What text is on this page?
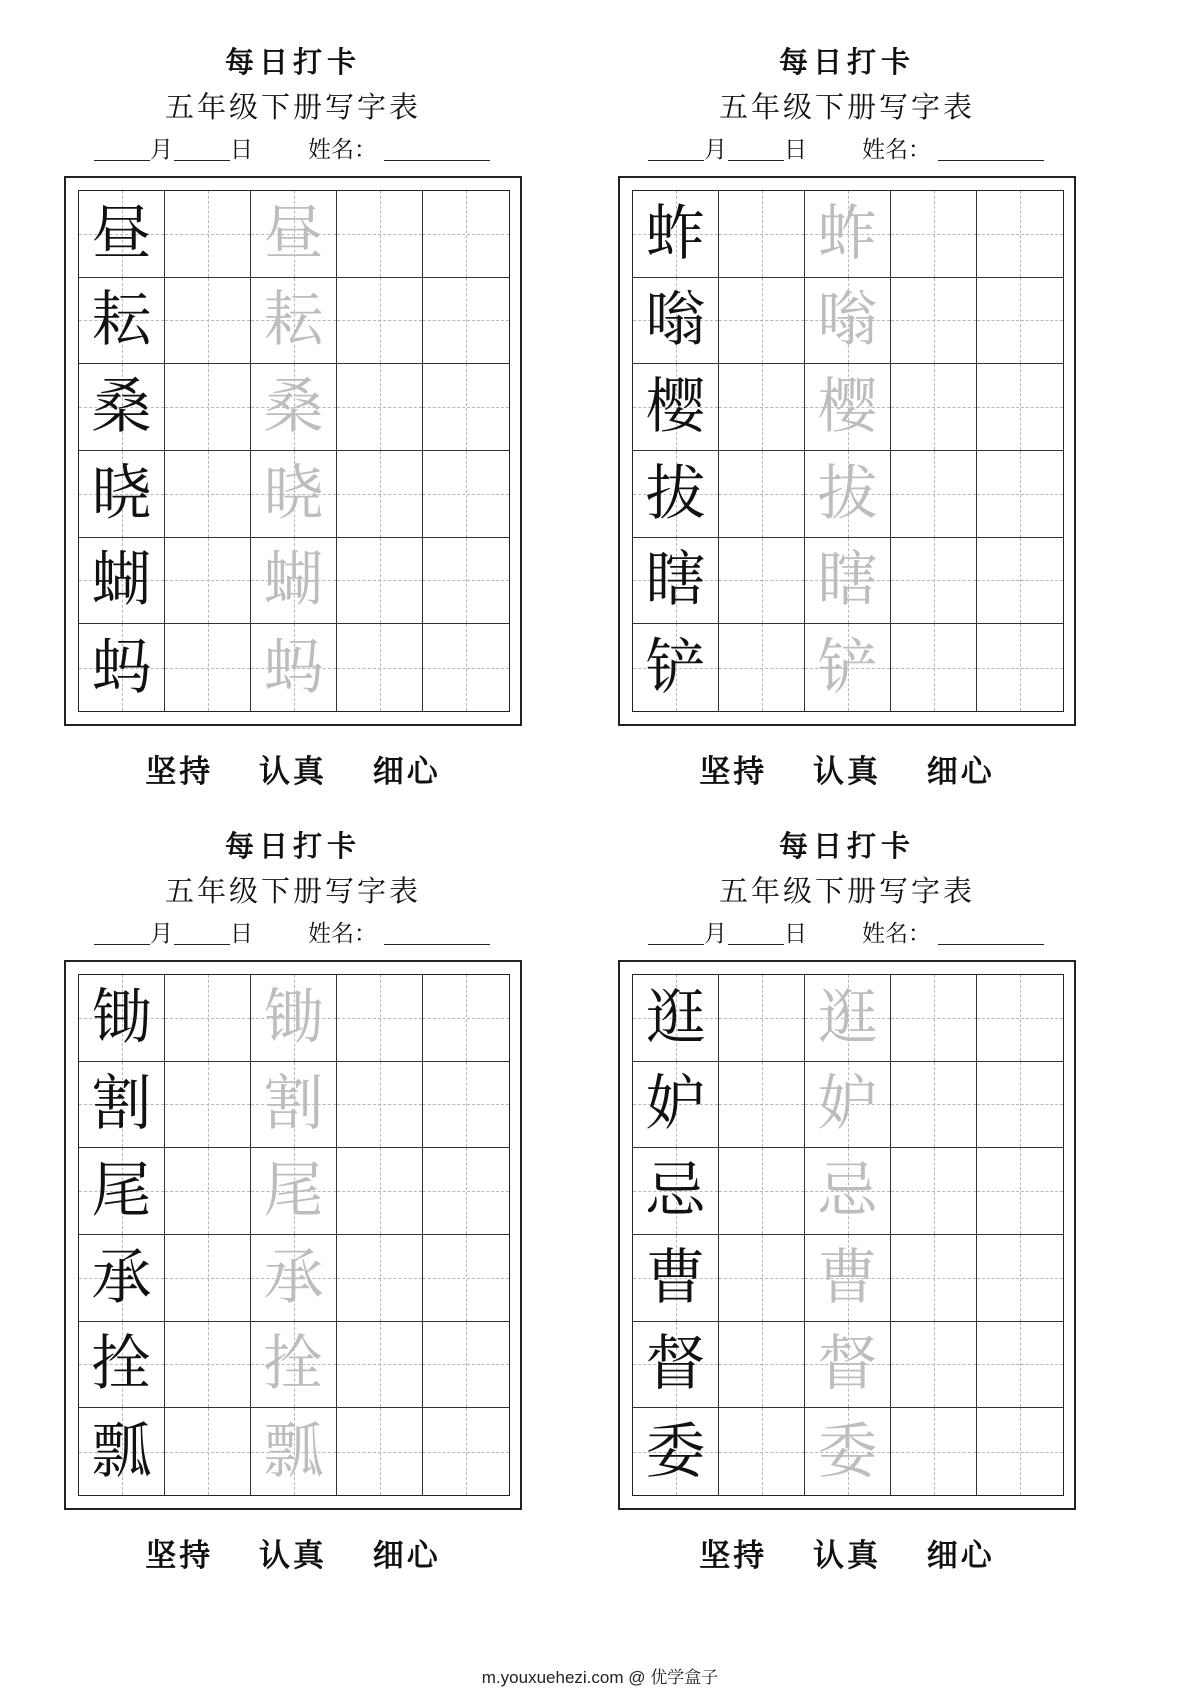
每日打卡
五年级下册写字表
月 日 姓名：
昼 昼
耘 耘
桑 桑
晓 晓
蝴 蝴
蚂 蚂
坚持 认真 细心
每日打卡
五年级下册写字表
月 日 姓名：
蚱 蚱
嗡 嗡
樱 樱
拔 拔
瞎 瞎
铲 铲
坚持 认真 细心
每日打卡
五年级下册写字表
月 日 姓名：
锄 锄
割 割
尾 尾
承 承
拴 拴
瓢 瓢
坚持 认真 细心
每日打卡
五年级下册写字表
月 日 姓名：
逛 逛
妒 妒
忌 忌
曹 曹
督 督
委 委
坚持 认真 细心
m.youxuehezi.com @ 优学盒子
